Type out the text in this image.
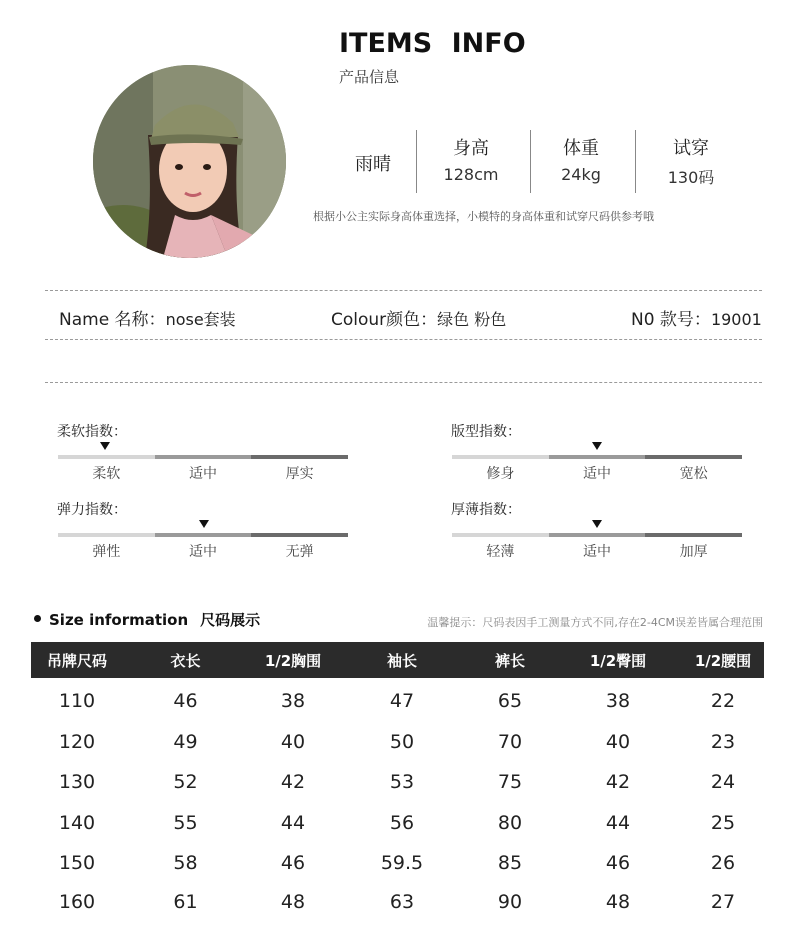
ITEMS INFO
产品信息
雨晴
身高
128cm
体重
24kg
试穿
130码
根据小公主实际身高体重选择，小模特的身高体重和试穿尺码供参考哦
Name 名称：nose套装	Colour颜色：绿色 粉色	N0 款号：19001
柔软指数：
柔软	适中	厚实
版型指数：
修身	适中	宽松
弹力指数：
弹性	适中	无弹
厚薄指数：
轻薄	适中	加厚
Size information 尺码展示	温馨提示：尺码表因手工测量方式不同,存在2-4CM误差皆属合理范围
吊牌尺码	衣长	1/2胸围	袖长	裤长	1/2臀围	1/2腰围
110	46	38	47	65	38	22
120	49	40	50	70	40	23
130	52	42	53	75	42	24
140	55	44	56	80	44	25
150	58	46	59.5	85	46	26
160	61	48	63	90	48	27
